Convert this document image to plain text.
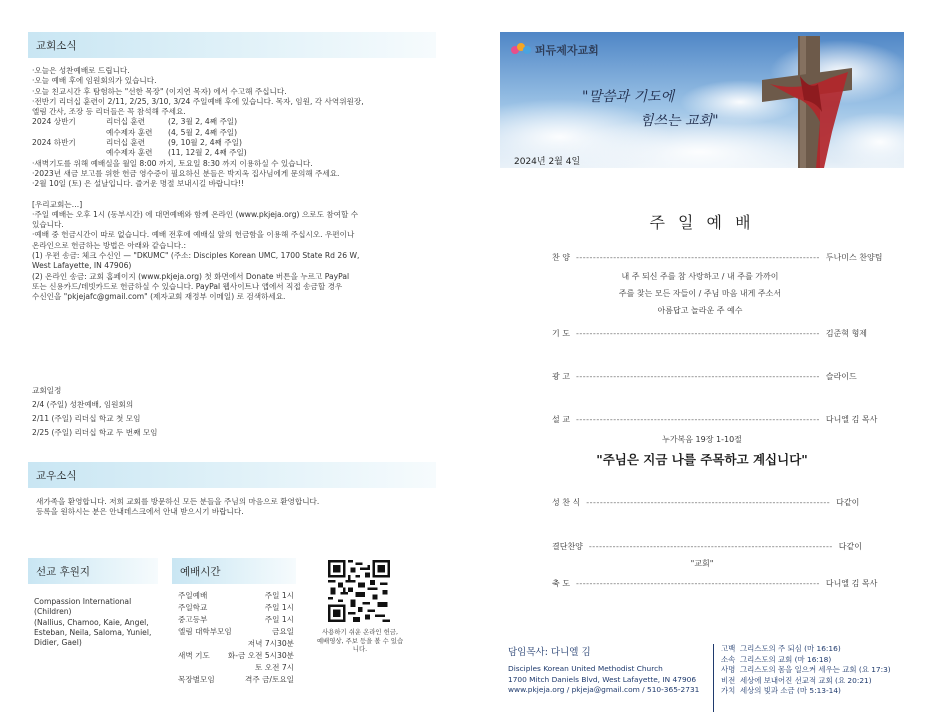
교회소식
·오늘은 성찬예배로 드립니다.
·오늘 예배 후에 임원회의가 있습니다.
·오늘 친교시간 후 탐험하는 "선한 목장" (이지연 목자) 에서 수고해 주십니다.
·전반기 리더십 훈련이 2/11, 2/25, 3/10, 3/24 주일예배 후에 있습니다. 목자, 임원, 각 사역위원장,
엘림 간사, 조장 등 리더들은 꼭 참석해 주세요.
2024 상반기	리더십 훈련	(2, 3월 2, 4째 주일)
예수제자 훈련	(4, 5월 2, 4째 주일)
2024 하반기	리더십 훈련	(9, 10월 2, 4째 주일)
예수제자 훈련	(11, 12월 2, 4째 주일)
·새벽기도를 위해 예배실을 월일 8:00 까지, 토요일 8:30 까지 이용하실 수 있습니다.
·2023년 새금 보고를 위한 헌금 영수증이 필요하신 분들은 박지옥 집사님에게 문의해 주세요.
·2월 10일 (토) 은 설날입니다. 즐거운 명절 보내시길 바랍니다!!
[우리교회는…]
·주일 예배는 오후 1시 (동부시간) 에 대면예배와 함께 온라인 (www.pkjeja.org) 으로도 참여할 수
있습니다.
·예배 중 헌금시간이 따로 없습니다. 예배 전후에 예배실 앞의 헌금함을 이용해 주십시오. 우편이나
온라인으로 헌금하는 방법은 아래와 같습니다.:
(1) 우편 송금: 체크 수신인 — "DKUMC" (주소: Disciples Korean UMC, 1700 State Rd 26 W,
West Lafayette, IN 47906)
(2) 온라인 송금: 교회 홈페이지 (www.pkjeja.org) 첫 화면에서 Donate 버튼을 누르고 PayPal
또는 신용카드/데빗카드로 헌금하실 수 있습니다. PayPal 웹사이트나 앱에서 직접 송금할 경우
수신인을 "pkjejafc@gmail.com" (제자교회 재정부 이메일) 로 검색하세요.
교회일정
2/4 (주일) 성찬예배, 임원회의
2/11 (주일) 리더십 학교 첫 모임
2/25 (주일) 리더십 학교 두 번째 모임
교우소식
새가족을 환영합니다. 저희 교회를 방문하신 모든 분들을 주님의 마음으로 환영합니다.
등록을 원하시는 분은 안내데스크에서 안내 받으시기 바랍니다.
선교 후원지
Compassion International
(Children)
(Nallius, Chamoo, Kaie, Angel,
Esteban, Neila, Saloma, Yuniel,
Didier, Gael)
예배시간
주일예배	주일 1시
주일학교	주일 1시
중고등부	주일 1시
엘림 대학부모임	금요일
저녁 7시30분
새벽 기도	화-금 오전 5시30분
토 오전 7시
목장별모임	격주 금/토요일
사용하기 쉬운 온라인 헌금,
예배영상, 주보 등을 볼 수 있습니다.
퍼듀제자교회
"말씀과 기도에
힘쓰는 교회"
2024년 2월 4일
주 일 예 배
찬 양 ------------------------------------------------------------------------ 두나미스 찬양팀
내 주 되신 주를 참 사랑하고 / 내 주를 가까이
주를 찾는 모든 자들이 / 주님 마음 내게 주소서
아름답고 놀라운 주 예수
기 도 ------------------------------------------------------------------------ 김준혁 형제
광 고 ------------------------------------------------------------------------ 슬라이드
설 교 ------------------------------------------------------------------------ 다니엘 김 목사
누가복음 19장 1-10절
"주님은 지금 나를 주목하고 계십니다"
성 찬 식 ------------------------------------------------------------------------ 다같이
결단찬양 ------------------------------------------------------------------------ 다같이
"교회"
축 도 ------------------------------------------------------------------------ 다니엘 김 목사
담임목사: 다니엘 김
Disciples Korean United Methodist Church
1700 Mitch Daniels Blvd, West Lafayette, IN 47906
www.pkjeja.org / pkjeja@gmail.com / 510-365-2731
고백 그리스도의 주 되심 (마 16:16)
소속 그리스도의 교회 (마 16:18)
사명 그리스도의 몸을 일으켜 세우는 교회 (요 17:3)
비전 세상에 보내어진 선교적 교회 (요 20:21)
가치 세상의 빛과 소금 (마 5:13-14)
